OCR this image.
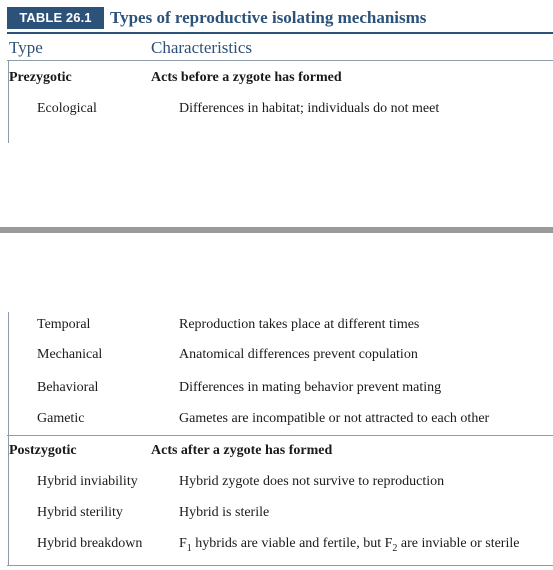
TABLE 26.1	Types of reproductive isolating mechanisms
Type	Characteristics
Prezygotic	Acts before a zygote has formed
Ecological	Differences in habitat; individuals do not meet
Temporal	Reproduction takes place at different times
Mechanical	Anatomical differences prevent copulation
Behavioral	Differences in mating behavior prevent mating
Gametic	Gametes are incompatible or not attracted to each other
Postzygotic	Acts after a zygote has formed
Hybrid inviability	Hybrid zygote does not survive to reproduction
Hybrid sterility	Hybrid is sterile
Hybrid breakdown	$F_1$ hybrids are viable and fertile, but $F_2$ are inviable or sterile
